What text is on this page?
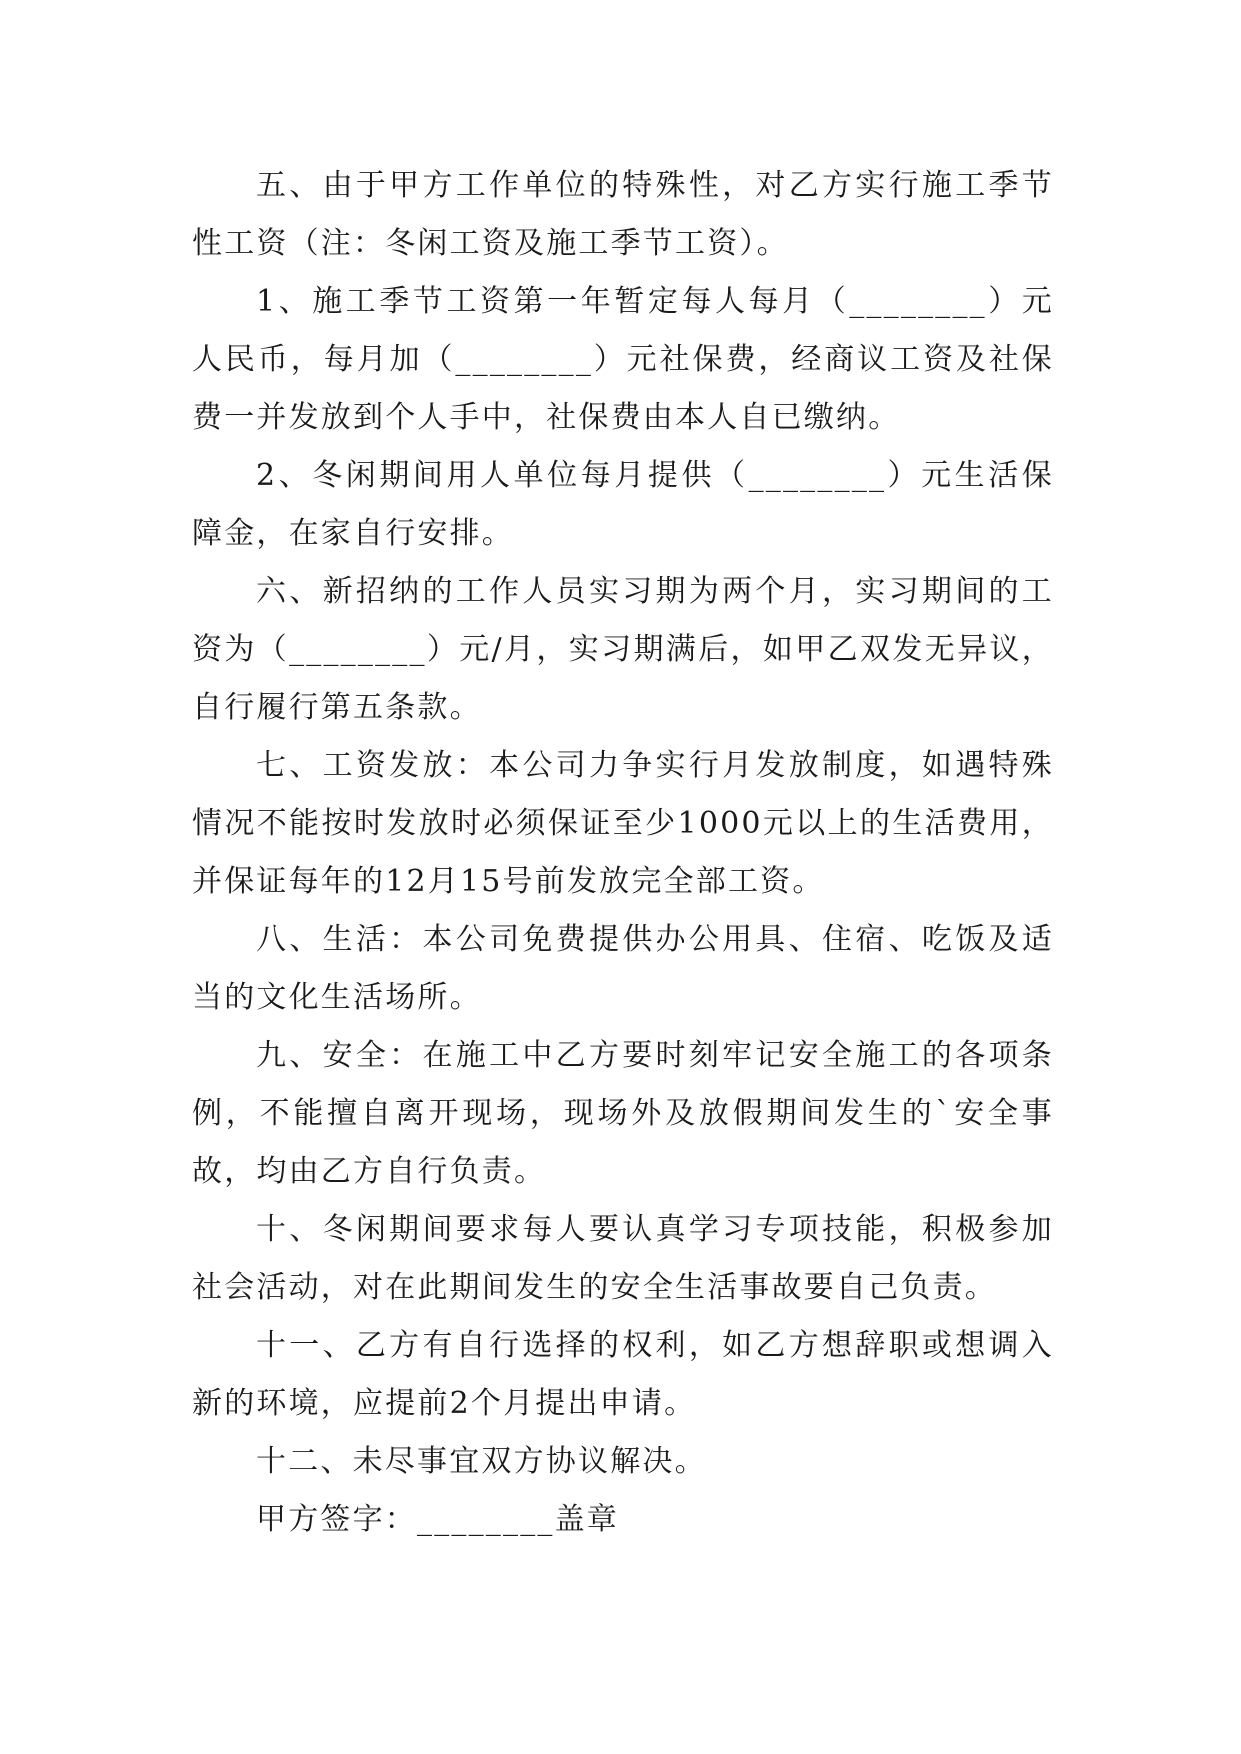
五、由于甲方工作单位的特殊性，对乙方实行施工季节性工资（注：冬闲工资及施工季节工资）。

1、施工季节工资第一年暂定每人每月（________）元人民币，每月加（________）元社保费，经商议工资及社保费一并发放到个人手中，社保费由本人自已缴纳。

2、冬闲期间用人单位每月提供（________）元生活保障金，在家自行安排。

六、新招纳的工作人员实习期为两个月，实习期间的工资为（________）元/月，实习期满后，如甲乙双发无异议，自行履行第五条款。

七、工资发放：本公司力争实行月发放制度，如遇特殊情况不能按时发放时必须保证至少1000元以上的生活费用，并保证每年的12月15号前发放完全部工资。

八、生活：本公司免费提供办公用具、住宿、吃饭及适当的文化生活场所。

九、安全：在施工中乙方要时刻牢记安全施工的各项条例，不能擅自离开现场，现场外及放假期间发生的`安全事故，均由乙方自行负责。

十、冬闲期间要求每人要认真学习专项技能，积极参加社会活动，对在此期间发生的安全生活事故要自己负责。

十一、乙方有自行选择的权利，如乙方想辞职或想调入新的环境，应提前2个月提出申请。

十二、未尽事宜双方协议解决。

甲方签字：________盖章
